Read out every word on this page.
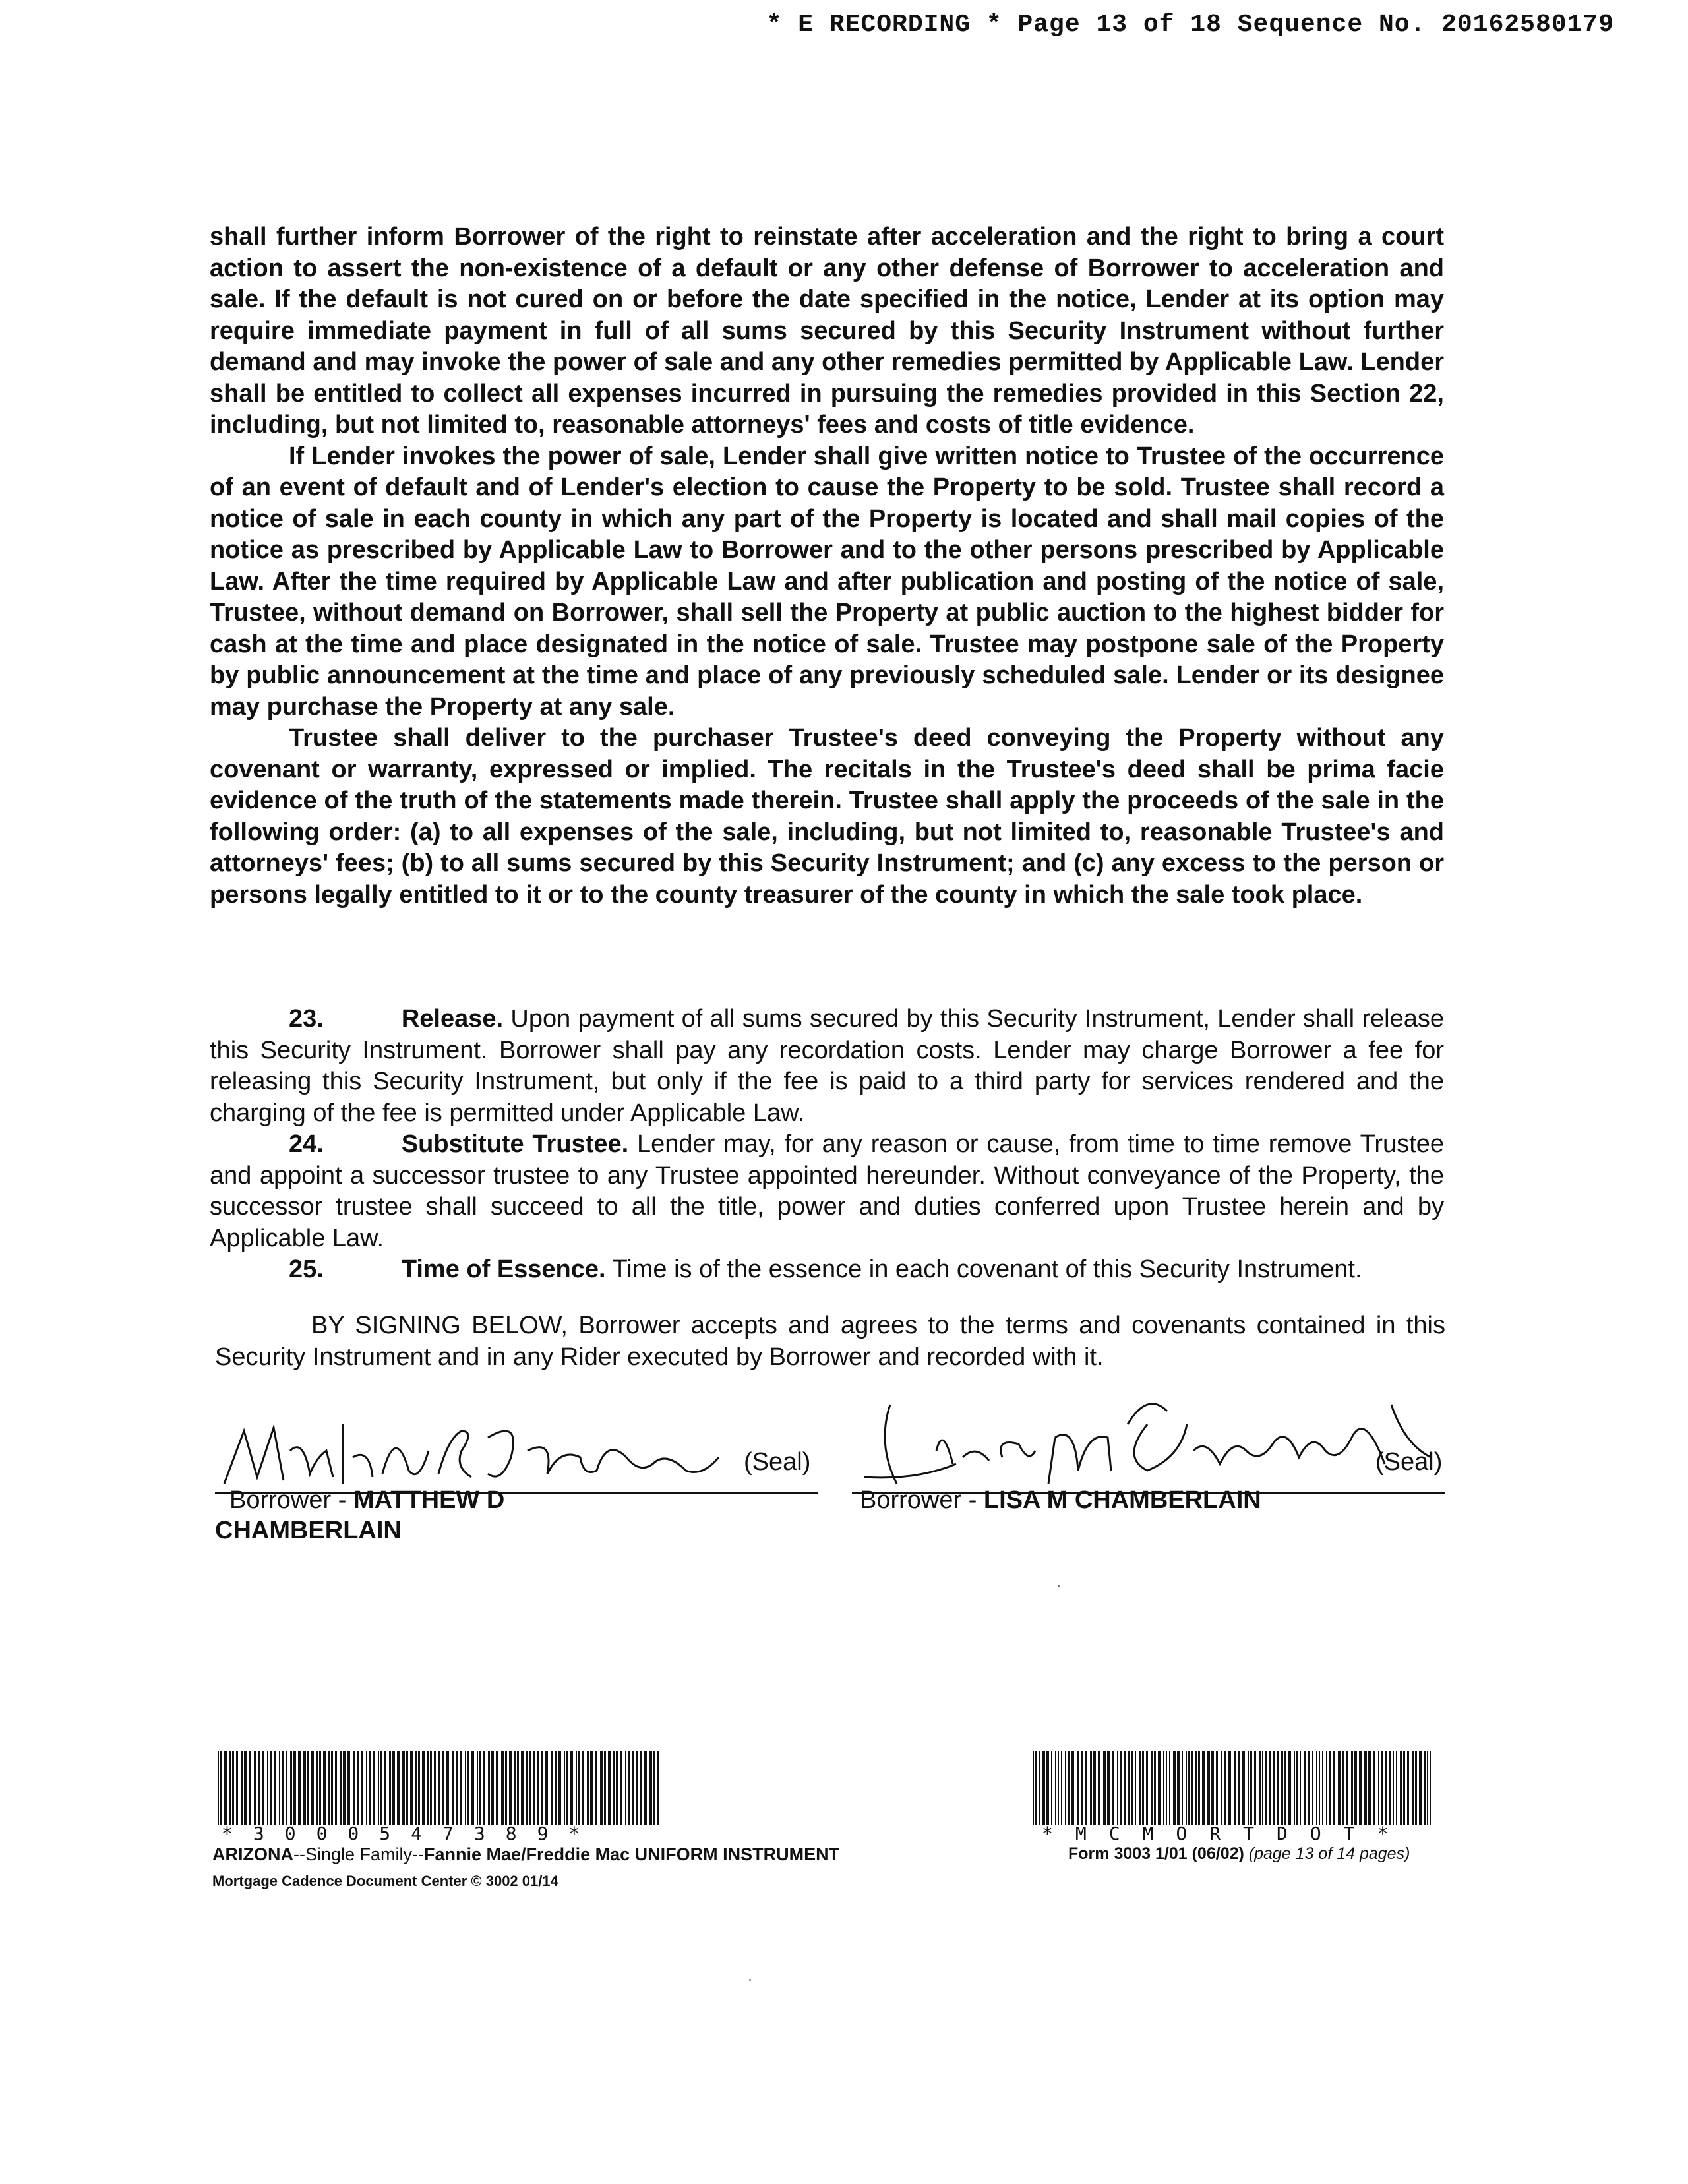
* E RECORDING * Page 13 of 18 Sequence No. 20162580179

shall further inform Borrower of the right to reinstate after acceleration and the right to bring a court action to assert the non-existence of a default or any other defense of Borrower to acceleration and sale. If the default is not cured on or before the date specified in the notice, Lender at its option may require immediate payment in full of all sums secured by this Security Instrument without further demand and may invoke the power of sale and any other remedies permitted by Applicable Law. Lender shall be entitled to collect all expenses incurred in pursuing the remedies provided in this Section 22, including, but not limited to, reasonable attorneys' fees and costs of title evidence.

If Lender invokes the power of sale, Lender shall give written notice to Trustee of the occurrence of an event of default and of Lender's election to cause the Property to be sold. Trustee shall record a notice of sale in each county in which any part of the Property is located and shall mail copies of the notice as prescribed by Applicable Law to Borrower and to the other persons prescribed by Applicable Law. After the time required by Applicable Law and after publication and posting of the notice of sale, Trustee, without demand on Borrower, shall sell the Property at public auction to the highest bidder for cash at the time and place designated in the notice of sale. Trustee may postpone sale of the Property by public announcement at the time and place of any previously scheduled sale. Lender or its designee may purchase the Property at any sale.

Trustee shall deliver to the purchaser Trustee's deed conveying the Property without any covenant or warranty, expressed or implied. The recitals in the Trustee's deed shall be prima facie evidence of the truth of the statements made therein. Trustee shall apply the proceeds of the sale in the following order: (a) to all expenses of the sale, including, but not limited to, reasonable Trustee's and attorneys' fees; (b) to all sums secured by this Security Instrument; and (c) any excess to the person or persons legally entitled to it or to the county treasurer of the county in which the sale took place.

23.	Release. Upon payment of all sums secured by this Security Instrument, Lender shall release this Security Instrument. Borrower shall pay any recordation costs. Lender may charge Borrower a fee for releasing this Security Instrument, but only if the fee is paid to a third party for services rendered and the charging of the fee is permitted under Applicable Law.

24.	Substitute Trustee. Lender may, for any reason or cause, from time to time remove Trustee and appoint a successor trustee to any Trustee appointed hereunder. Without conveyance of the Property, the successor trustee shall succeed to all the title, power and duties conferred upon Trustee herein and by Applicable Law.

25.	Time of Essence. Time is of the essence in each covenant of this Security Instrument.

BY SIGNING BELOW, Borrower accepts and agrees to the terms and covenants contained in this Security Instrument and in any Rider executed by Borrower and recorded with it.
(Seal)
Borrower - MATTHEW D
CHAMBERLAIN
(Seal)
Borrower - LISA M CHAMBERLAIN
*3000547389*	*MCMORTDOT*
ARIZONA--Single Family--Fannie Mae/Freddie Mac UNIFORM INSTRUMENT
Mortgage Cadence Document Center © 3002 01/14
Form 3003 1/01 (06/02) (page 13 of 14 pages)
